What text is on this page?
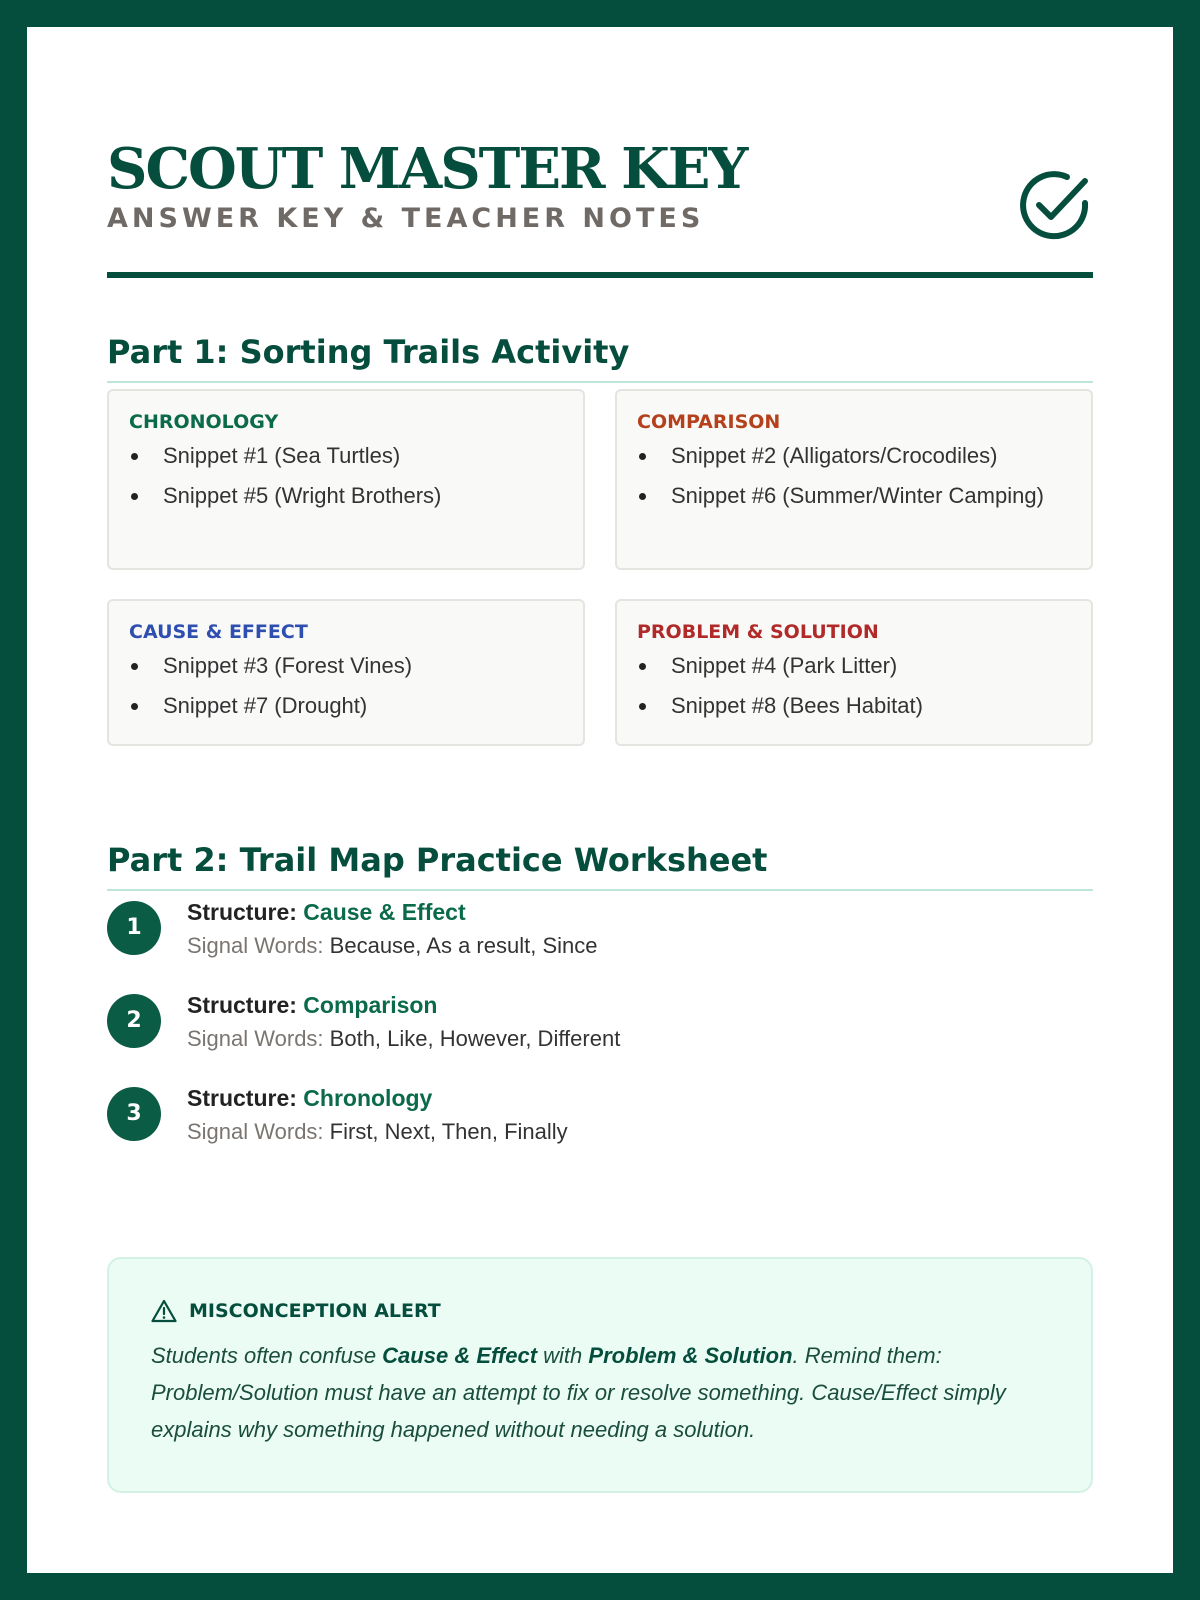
SCOUT MASTER KEY
ANSWER KEY & TEACHER NOTES
Part 1: Sorting Trails Activity
CHRONOLOGY
Snippet #1 (Sea Turtles)
Snippet #5 (Wright Brothers)
COMPARISON
Snippet #2 (Alligators/Crocodiles)
Snippet #6 (Summer/Winter Camping)
CAUSE & EFFECT
Snippet #3 (Forest Vines)
Snippet #7 (Drought)
PROBLEM & SOLUTION
Snippet #4 (Park Litter)
Snippet #8 (Bees Habitat)
Part 2: Trail Map Practice Worksheet
1
Structure: Cause & Effect
Signal Words: Because, As a result, Since
2
Structure: Comparison
Signal Words: Both, Like, However, Different
3
Structure: Chronology
Signal Words: First, Next, Then, Finally
MISCONCEPTION ALERT
Students often confuse Cause & Effect with Problem & Solution. Remind them: Problem/Solution must have an attempt to fix or resolve something. Cause/Effect simply explains why something happened without needing a solution.
